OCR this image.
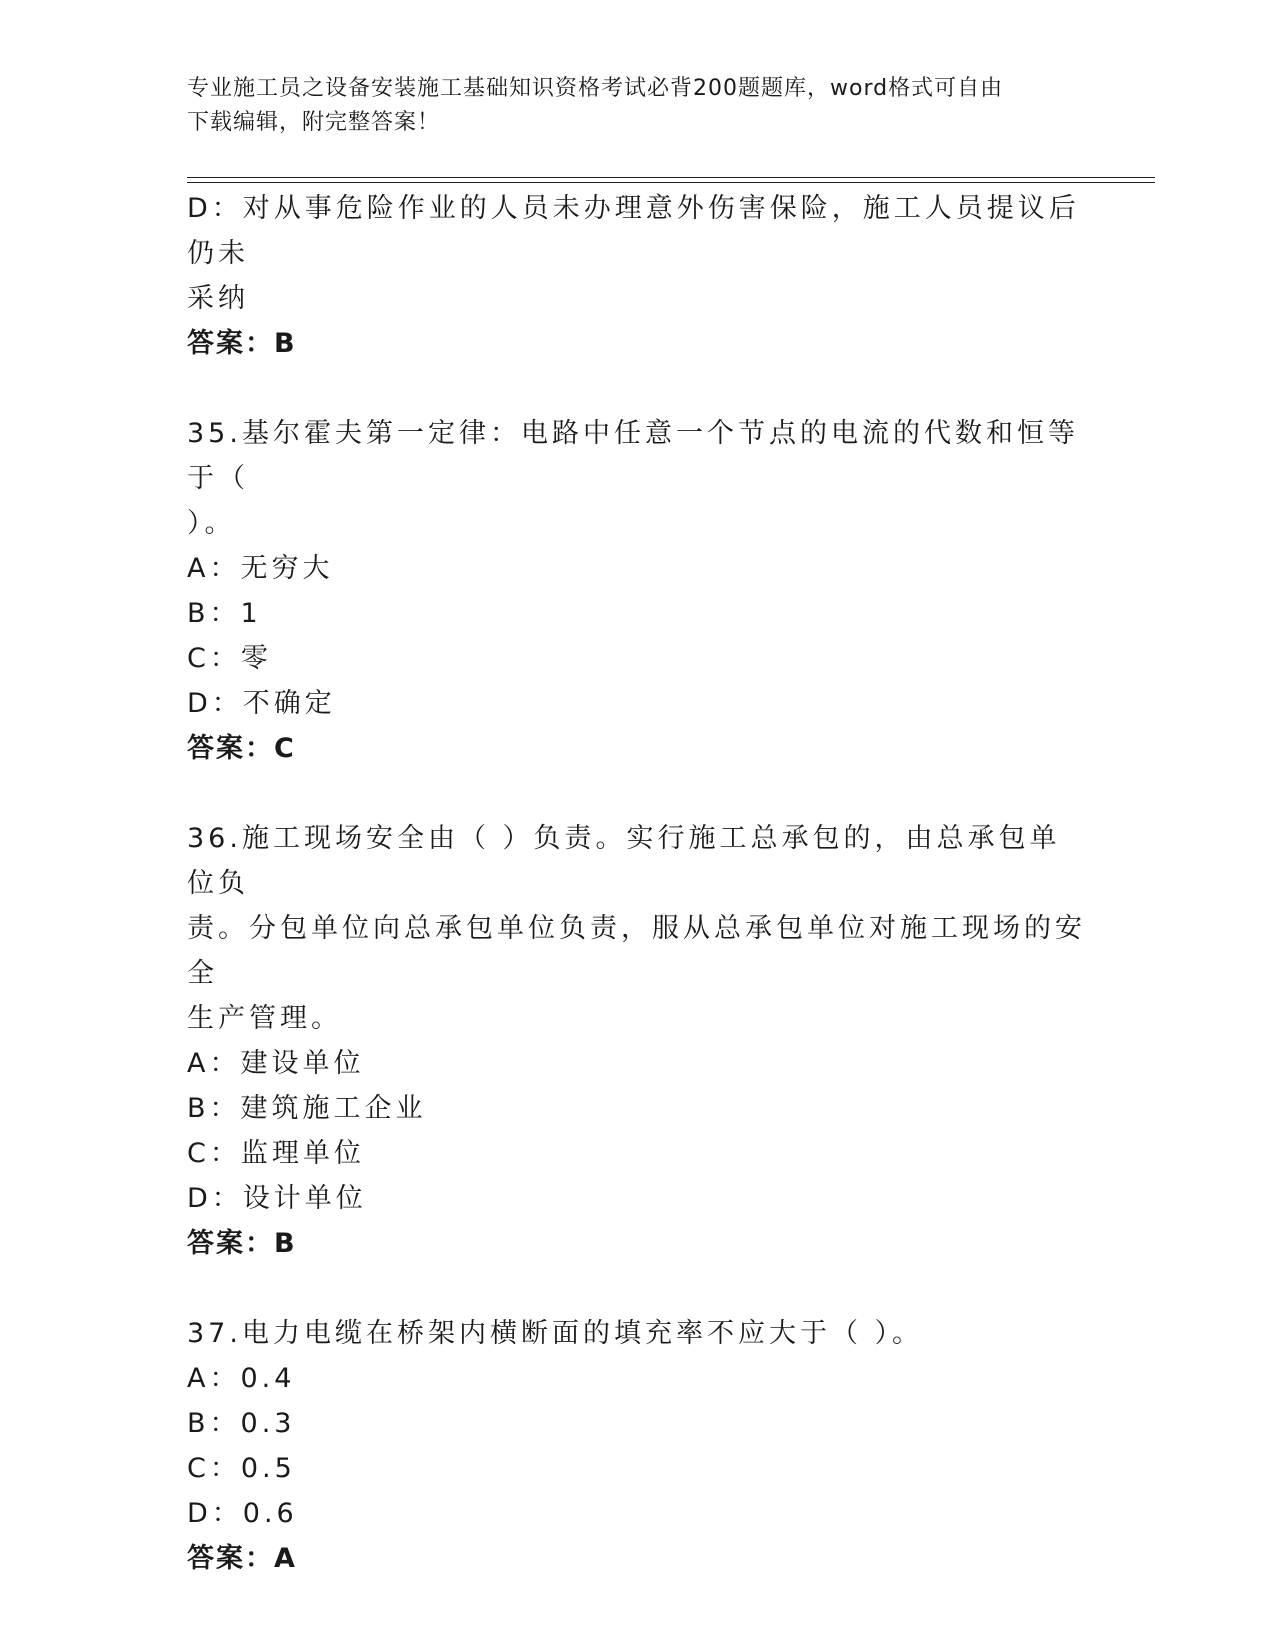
专业施工员之设备安装施工基础知识资格考试必背200题题库，word格式可自由
下载编辑，附完整答案！

D：对从事危险作业的人员未办理意外伤害保险，施工人员提议后仍未

采纳

答案：B

35.基尔霍夫第一定律：电路中任意一个节点的电流的代数和恒等于（

）。

A：无穷大

B：1

C：零

D：不确定

答案：C

36.施工现场安全由（ ）负责。实行施工总承包的，由总承包单位负

责。分包单位向总承包单位负责，服从总承包单位对施工现场的安全

生产管理。

A：建设单位

B：建筑施工企业

C：监理单位

D：设计单位

答案：B

37.电力电缆在桥架内横断面的填充率不应大于（ ）。

A：0.4

B：0.3

C：0.5

D：0.6

答案：A
